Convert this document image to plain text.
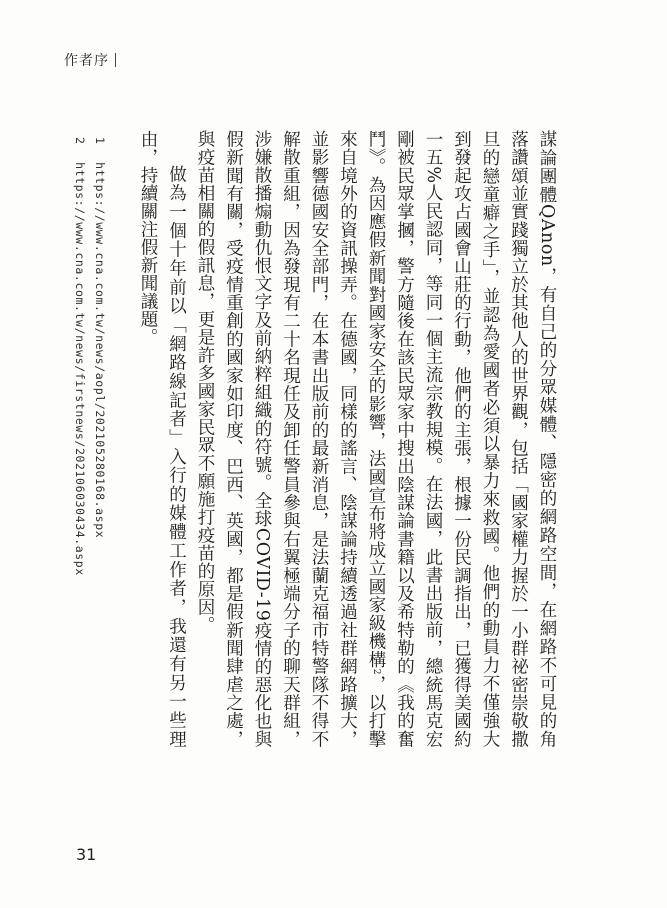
作者序

謀論團體QAnon，有自己的分眾媒體、隱密的網路空間，在網路不可見的角落讚頌並實踐獨立於其他人的世界觀，包括「國家權力握於一小群祕密崇敬撒旦的戀童癖之手」，並認為愛國者必須以暴力來救國。他們的動員力不僅強大到發起攻占國會山莊的行動，他們的主張，根據一份民調指出，已獲得美國約一五%人民認同，等同一個主流宗教規模。在法國，此書出版前，總統馬克宏剛被民眾掌摑，警方隨後在該民眾家中搜出陰謀論書籍以及希特勒的《我的奮鬥》。為因應假新聞對國家安全的影響，法國宣布將成立國家級機構2，以打擊來自境外的資訊操弄。在德國，同樣的謠言、陰謀論持續透過社群網路擴大，並影響德國安全部門，在本書出版前的最新消息，是法蘭克福市特警隊不得不解散重組，因為發現有二十名現任及卸任警員參與右翼極端分子的聊天群組，涉嫌散播煽動仇恨文字及前納粹組織的符號。全球COVID-19疫情的惡化也與假新聞有關，受疫情重創的國家如印度、巴西、英國，都是假新聞肆虐之處，與疫苗相關的假訊息，更是許多國家民眾不願施打疫苗的原因。

做為一個十年前以「網路線記者」入行的媒體工作者，我還有另一些理由，持續關注假新聞議題。

1 https://www.cna.com.tw/news/aopl/202105280168.aspx
2 https://www.cna.com.tw/news/firstnews/202106030434.aspx
31
